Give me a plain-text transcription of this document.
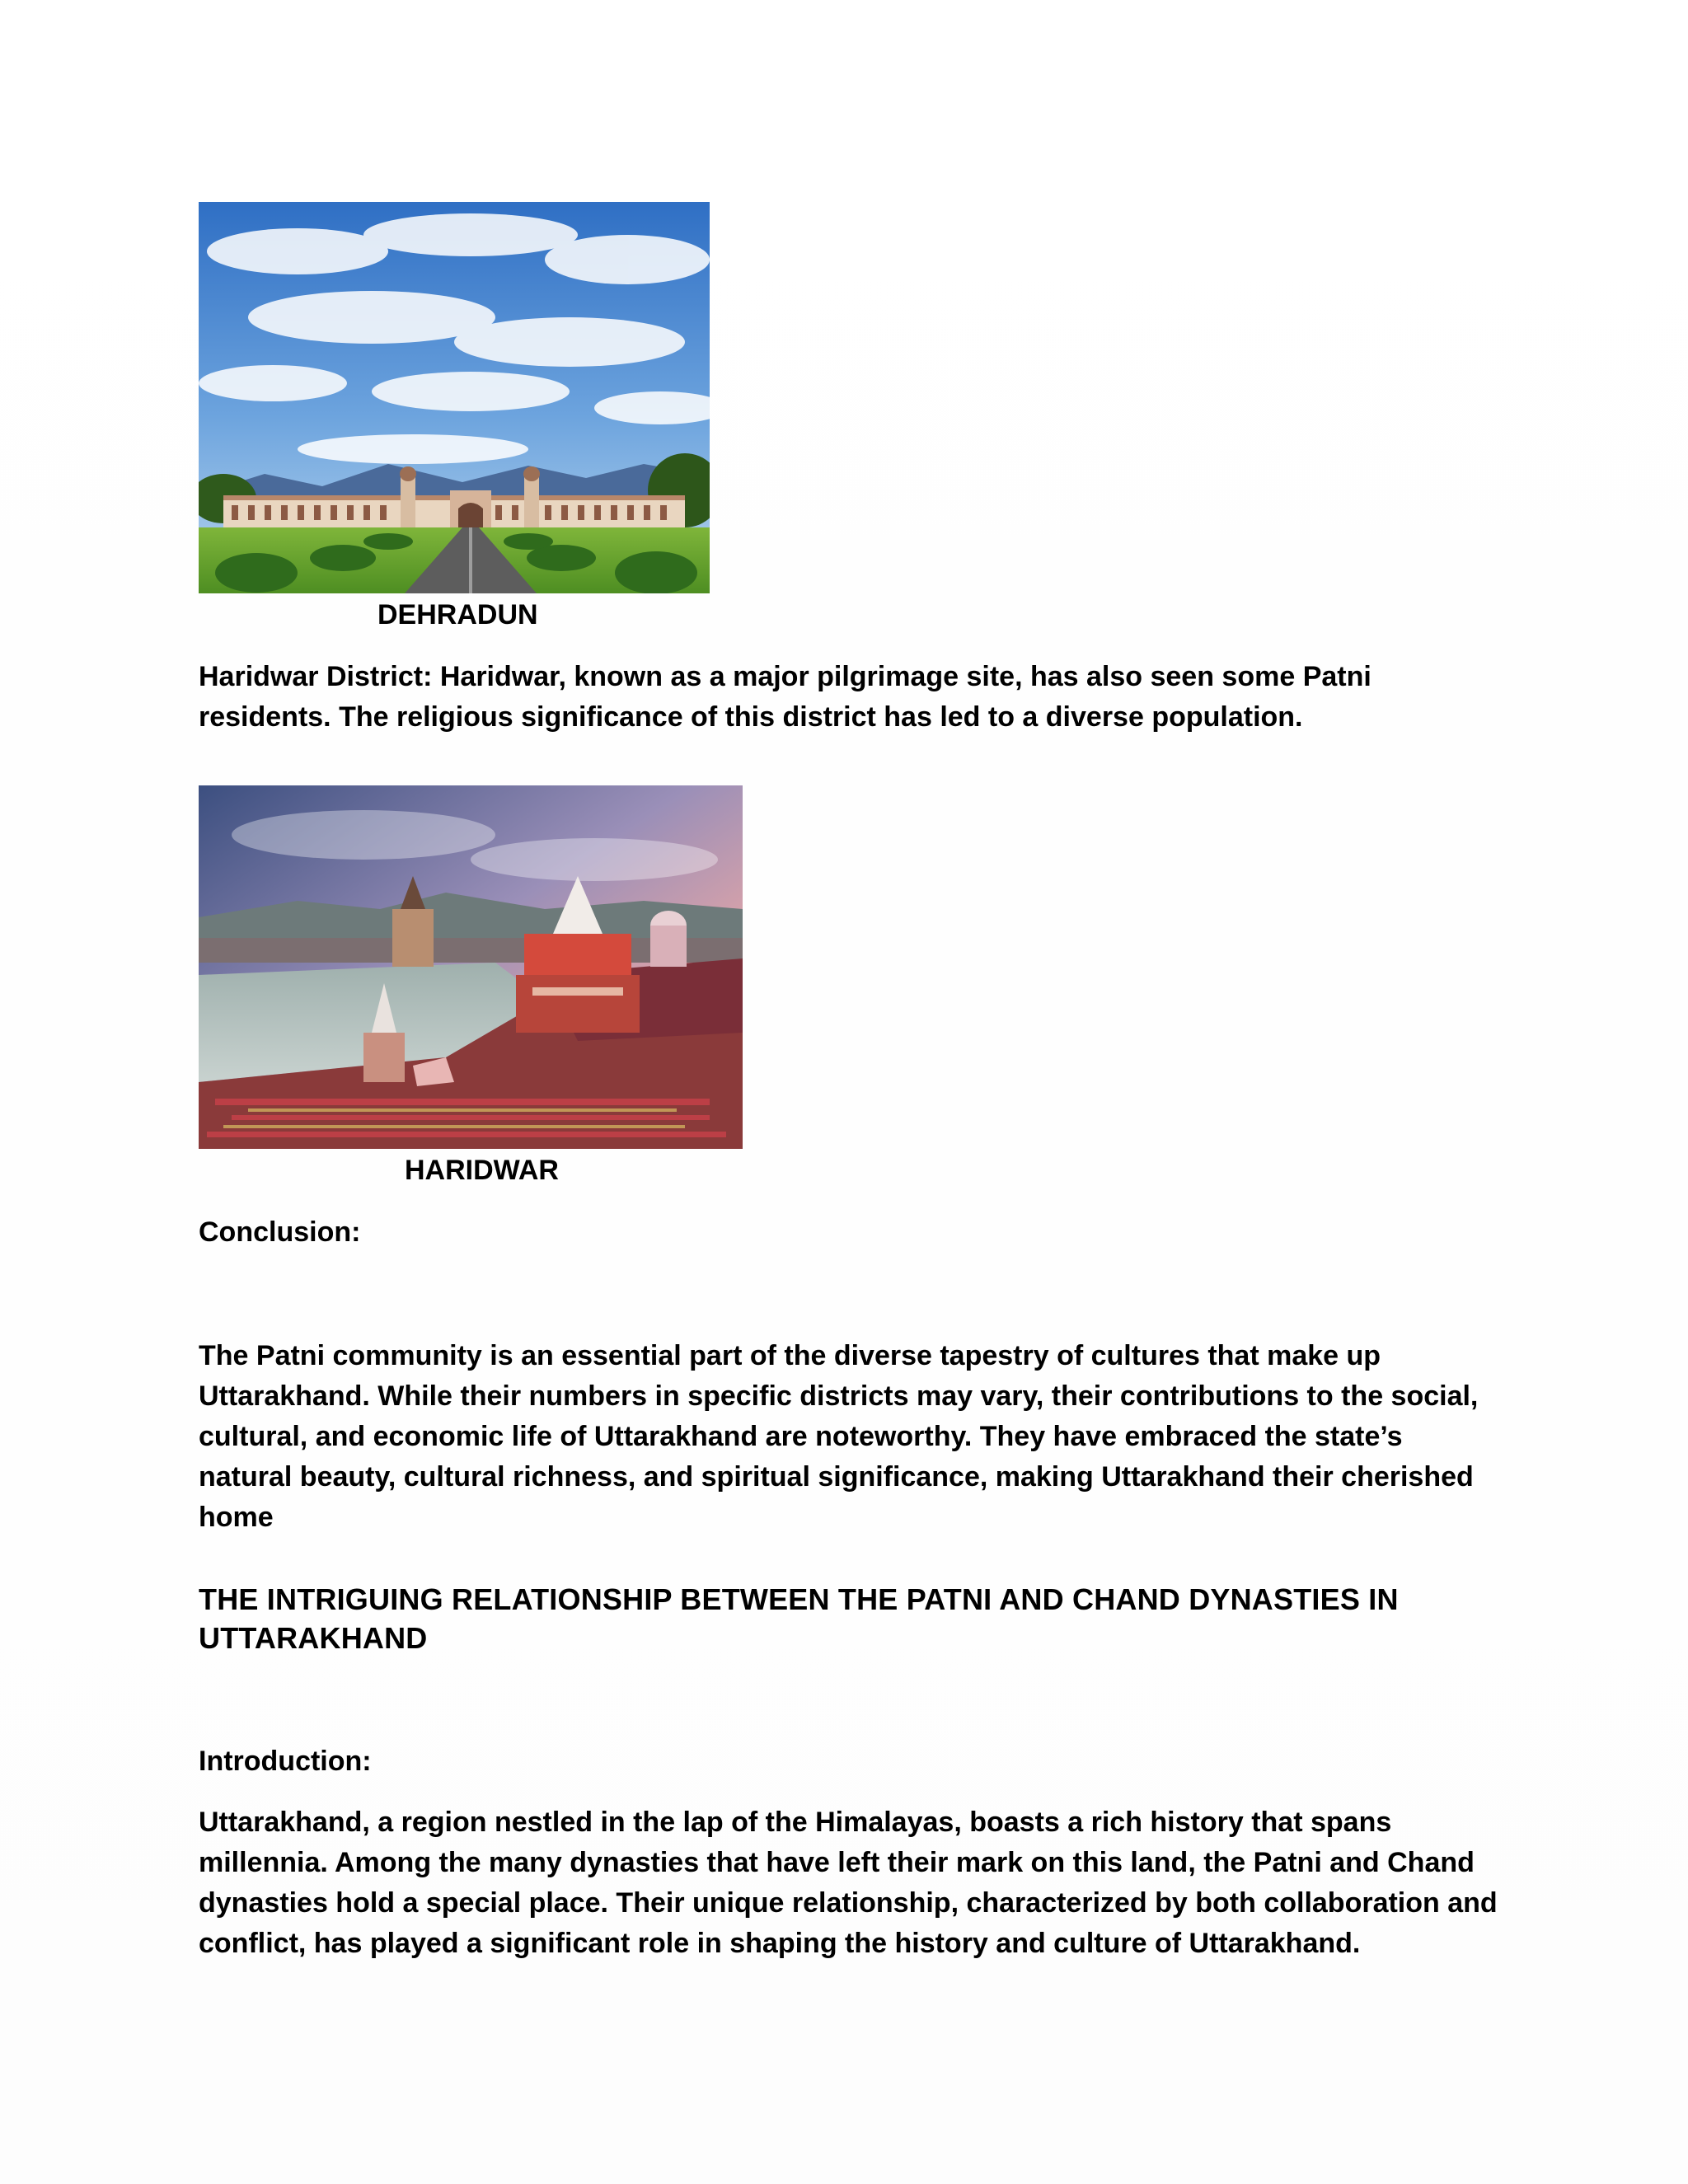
DEHRADUN

Haridwar District: Haridwar, known as a major pilgrimage site, has also seen some Patni residents. The religious significance of this district has led to a diverse population.

HARIDWAR

Conclusion:

The Patni community is an essential part of the diverse tapestry of cultures that make up Uttarakhand. While their numbers in specific districts may vary, their contributions to the social, cultural, and economic life of Uttarakhand are noteworthy. They have embraced the state’s natural beauty, cultural richness, and spiritual significance, making Uttarakhand their cherished home

THE INTRIGUING RELATIONSHIP BETWEEN THE PATNI AND CHAND DYNASTIES IN UTTARAKHAND

Introduction:

Uttarakhand, a region nestled in the lap of the Himalayas, boasts a rich history that spans millennia. Among the many dynasties that have left their mark on this land, the Patni and Chand dynasties hold a special place. Their unique relationship, characterized by both collaboration and conflict, has played a significant role in shaping the history and culture of Uttarakhand.
